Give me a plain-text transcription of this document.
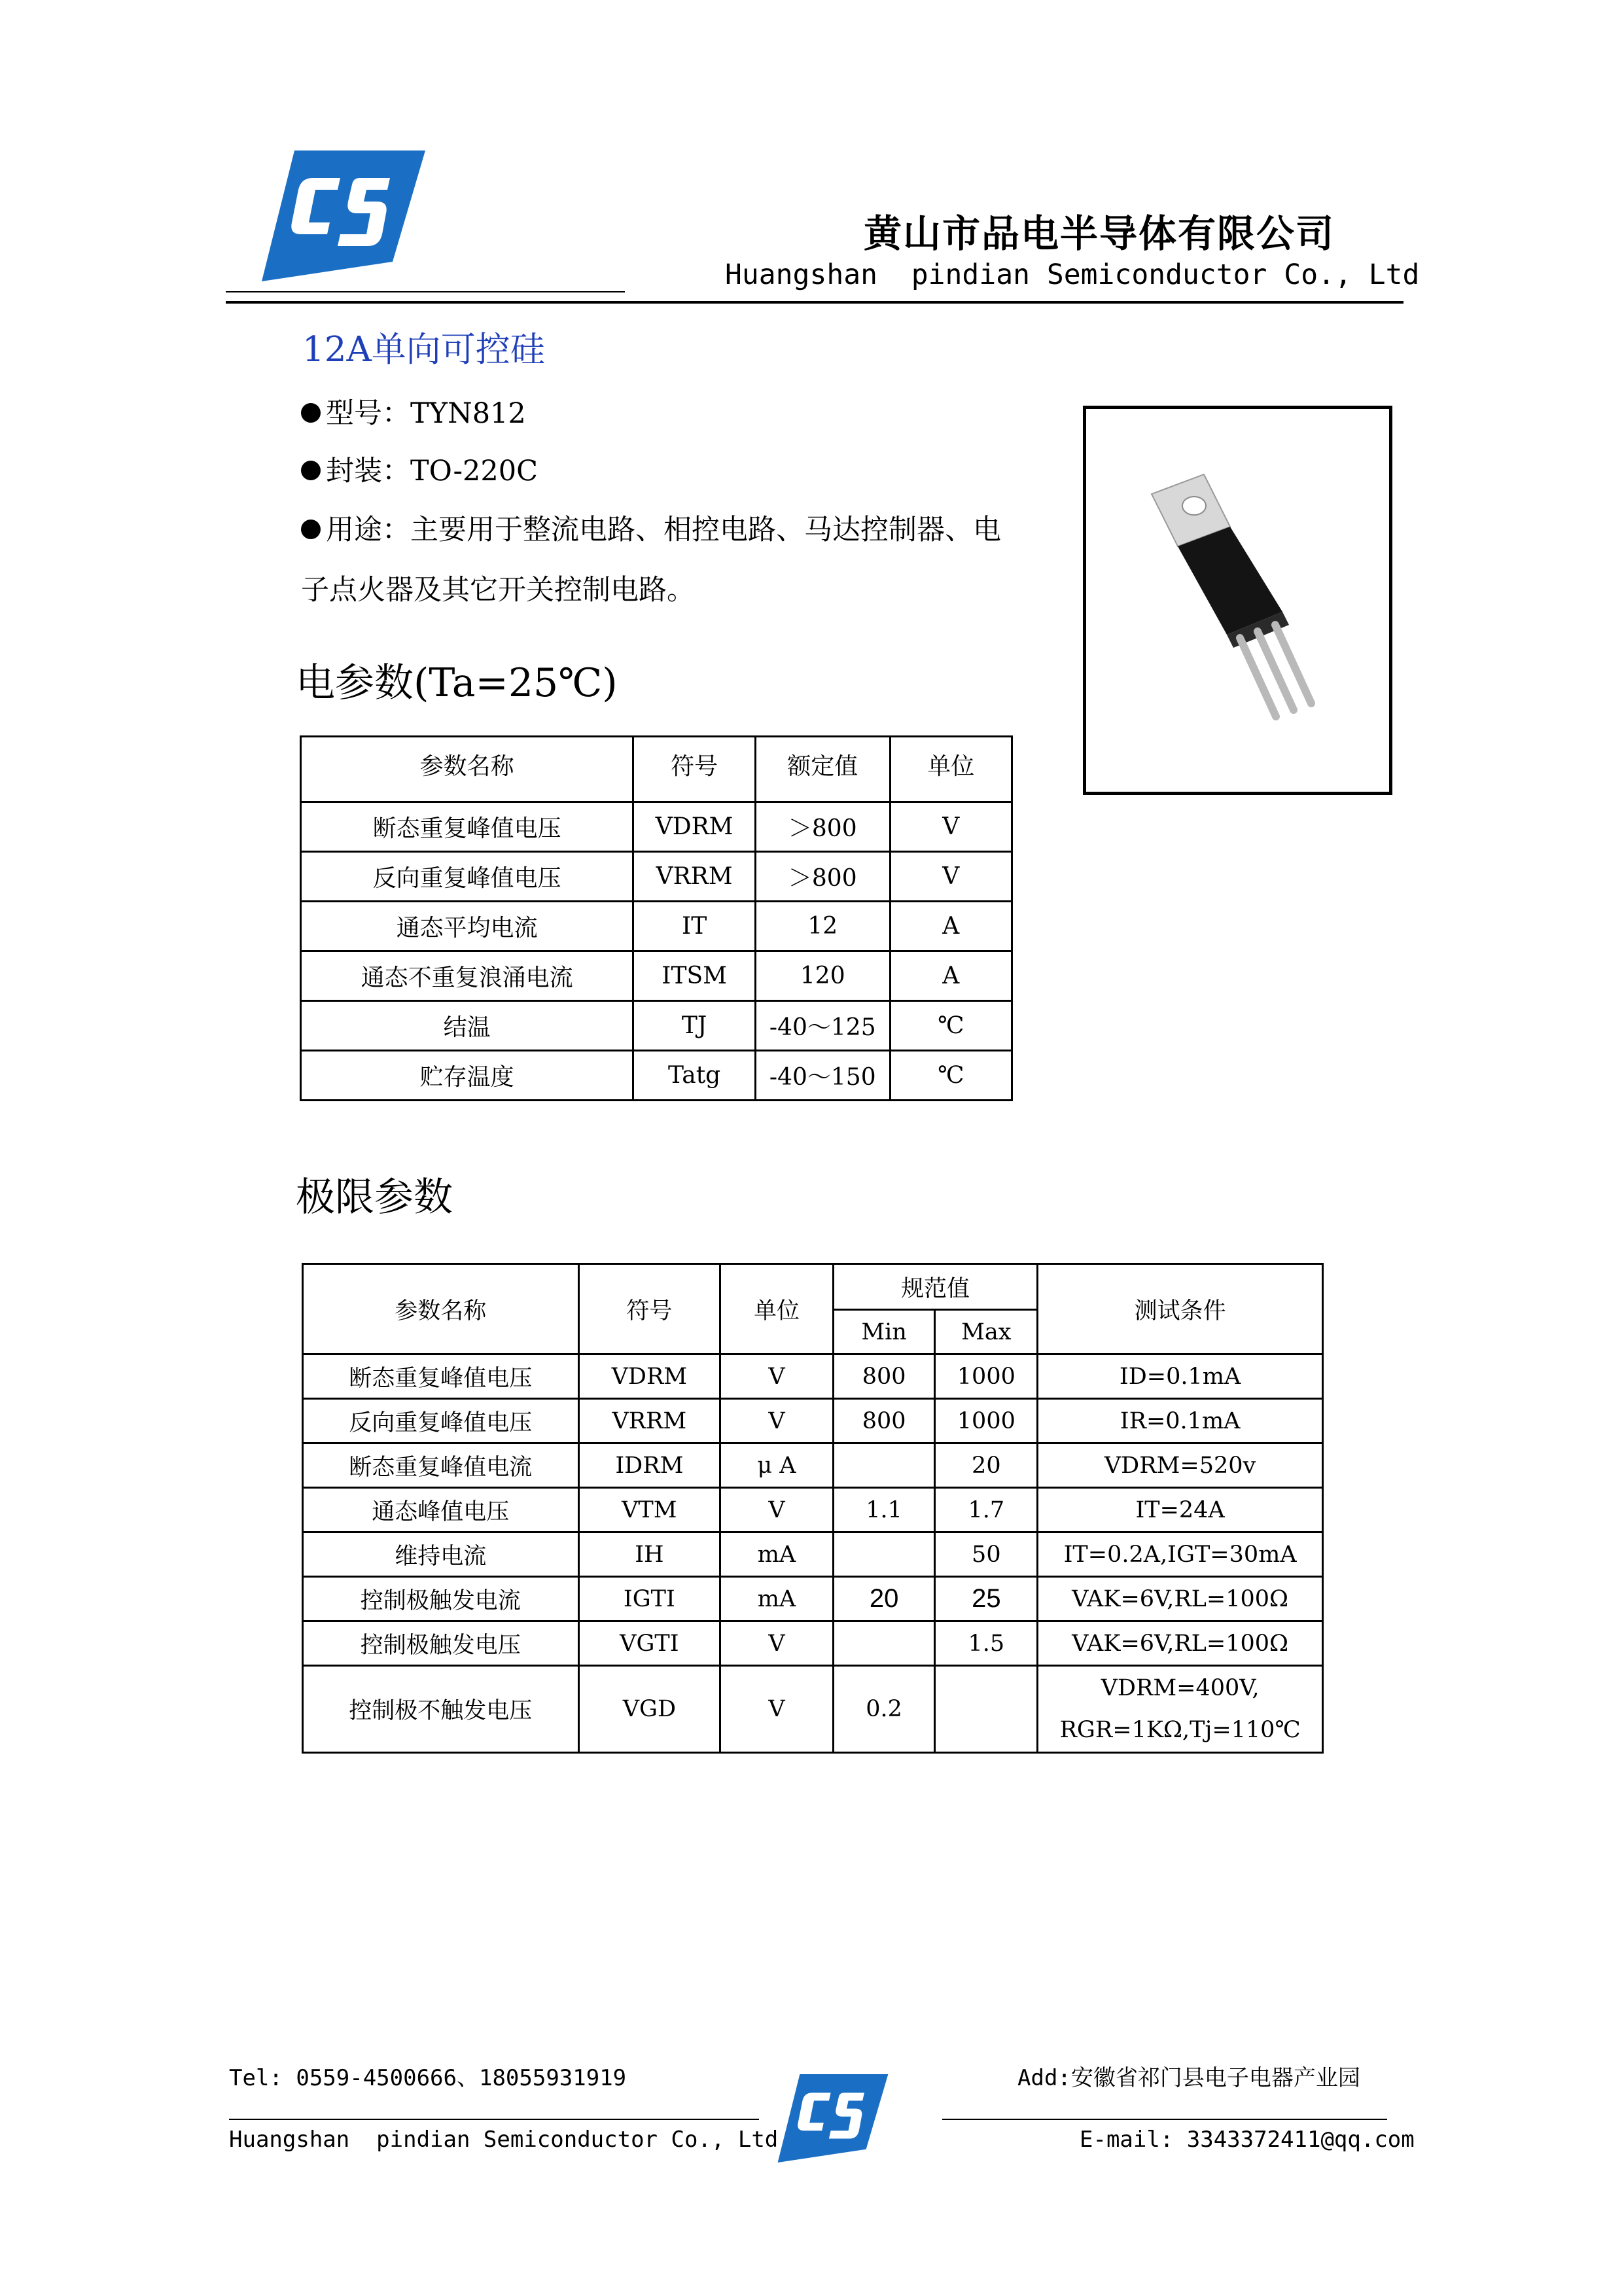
黄山市品电半导体有限公司
Huangshan  pindian Semiconductor Co., Ltd
12A单向可控硅
型号：TYN812
封装：TO-220C
用途：主要用于整流电路、相控电路、马达控制器、电
子点火器及其它开关控制电路。
电参数(Ta=25℃)
参数名称	符号	额定值	单位
断态重复峰值电压	VDRM	＞800	V
反向重复峰值电压	VRRM	＞800	V
通态平均电流	IT	12	A
通态不重复浪涌电流	ITSM	120	A
结温	TJ	-40～125	℃
贮存温度	Tatg	-40～150	℃
极限参数
参数名称	符号	单位	规范值		测试条件
			Min	Max	
断态重复峰值电压	VDRM	V	800	1000	ID=0.1mA
反向重复峰值电压	VRRM	V	800	1000	IR=0.1mA
断态重复峰值电流	IDRM	μ A		20	VDRM=520v
通态峰值电压	VTM	V	1.1	1.7	IT=24A
维持电流	IH	mA		50	IT=0.2A,IGT=30mA
控制极触发电流	IGTI	mA	20	25	VAK=6V,RL=100Ω
控制极触发电压	VGTI	V		1.5	VAK=6V,RL=100Ω
控制极不触发电压	VGD	V	0.2		VDRM=400V,
RGR=1KΩ,Tj=110℃
Tel: 0559-4500666、18055931919	Add:安徽省祁门县电子电器产业园
Huangshan  pindian Semiconductor Co., Ltd	E-mail: 3343372411@qq.com
